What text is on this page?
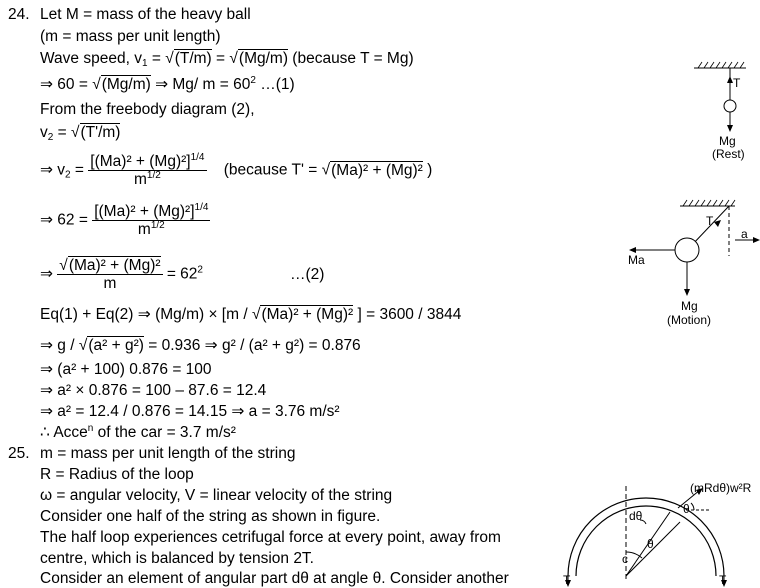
24. Let M = mass of the heavy ball
(m = mass per unit length)
Wave speed, $v_1 = √(T/m) = √(Mg/m)$ (because T = Mg)
⇒ 60 = √(Mg/m) ⇒ Mg/ $m = 60^2$ …(1)
From the freebody diagram (2),
$v_2 = √(T'/m)$
⇒ $v_2 = \frac{[(Ma)^2 + (Mg)^2]^{1/4}}{m^{1/2}}$ (because T' = √(Ma)² + (Mg)² )
⇒ $62 = \frac{[(Ma)^2 + (Mg)^2]^{1/4}}{m^{1/2}}$
⇒ $\frac{\text{√(Ma)² + (Mg)²}}{m} = 62^2$	…(2)
Eq(1) + Eq(2) ⇒ (Mg/m) × [m / √(Ma)² + (Mg)² ] = 3600 / 3844
⇒ g / √(a² + g²) = 0.936 ⇒ g² / (a² + g²) = 0.876
⇒ (a² + 100) 0.876 = 100
⇒ a² × 0.876 = 100 – 87.6 = 12.4
⇒ a² = 12.4 / 0.876 = 14.15 ⇒ a = 3.76 m/s²
∴ Acce$^n$ of the car = 3.7 m/s²
25. m = mass per unit length of the string
R = Radius of the loop
ω = angular velocity, V = linear velocity of the string
Consider one half of the string as shown in figure.
The half loop experiences cetrifugal force at every point, away from
centre, which is balanced by tension 2T.
Consider an element of angular part dθ at angle θ. Consider another
T
Mg
(Rest)
T
a
Ma
Mg
(Motion)
(mRdθ)w²R
dθ	θ
θ
c
T	T
